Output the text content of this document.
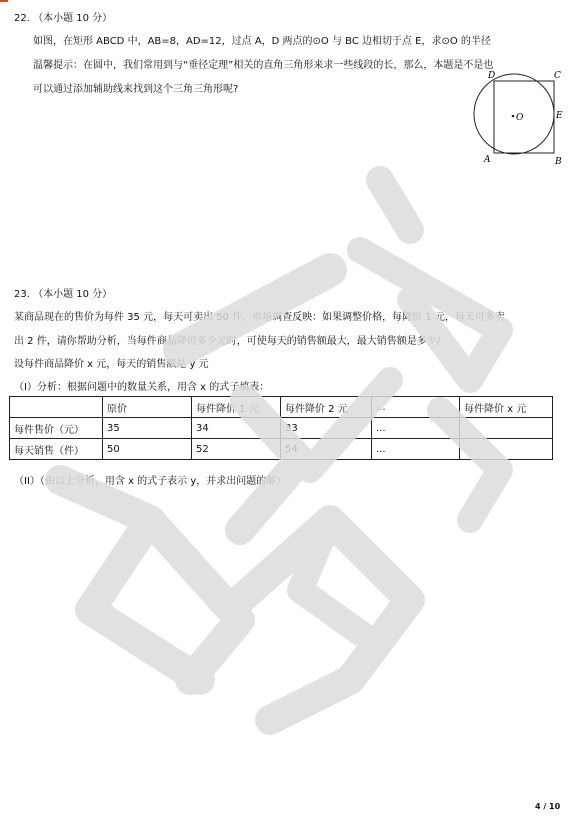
22. （本小题 10 分）
如图，在矩形 ABCD 中，AB=8，AD=12，过点 A，D 两点的⊙O 与 BC 边相切于点 E，求⊙O 的半径
温馨提示：在圆中，我们常用到与“垂径定理”相关的直角三角形来求一些线段的长，那么，本题是不是也
可以通过添加辅助线来找到这个三角三角形呢?
D	C
O	E
A	B
23. （本小题 10 分）
某商品现在的售价为每件 35 元，每天可卖出 50 件，市场调查反映：如果调整价格，每降价 1 元，每天可多卖
出 2 件，请你帮助分析，当每件商品降价多少元时，可使每天的销售额最大，最大销售额是多少/
设每件商品降价 x 元，每天的销售额是 y 元
（I）分析：根据问题中的数量关系，用含 x 的式子填表：
	原价	每件降价 1 元	每件降价 2 元	...	每件降价 x 元
每件售价（元）	35	34	33	...	
每天销售（件）	50	52	54	...	
（II）（由以上分析，用含 x 的式子表示 y，并求出问题的解）
4 / 10
